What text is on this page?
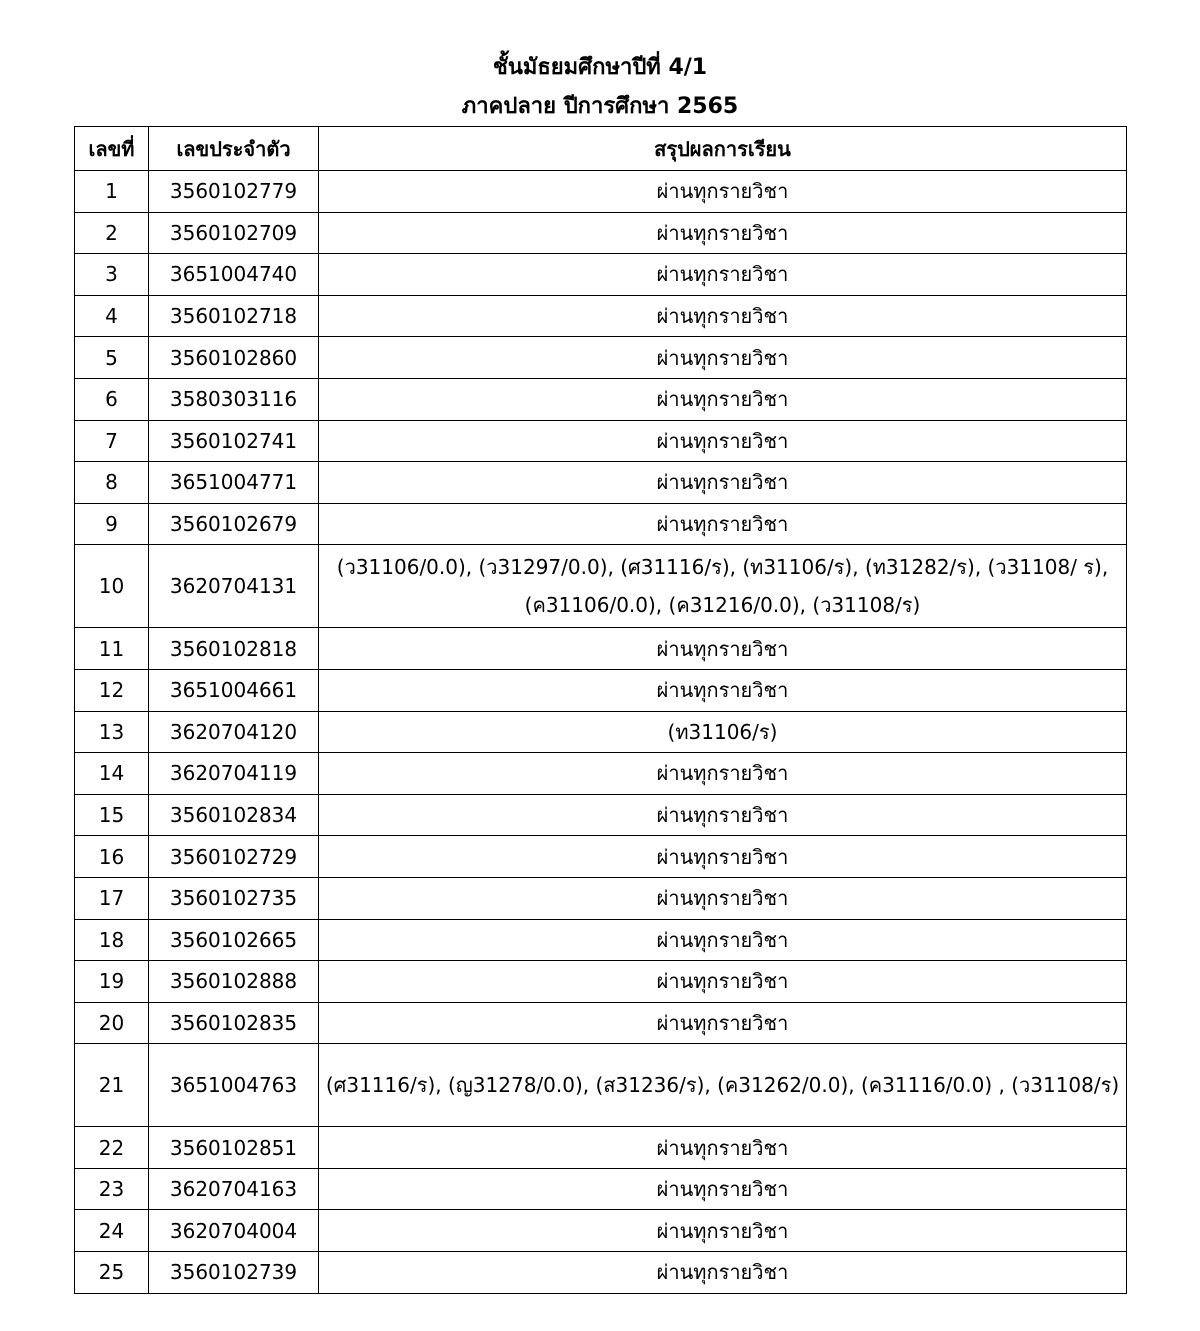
ชั้นมัธยมศึกษาปีที่ 4/1
ภาคปลาย ปีการศึกษา 2565
เลขที่	เลขประจำตัว	สรุปผลการเรียน
1	3560102779	ผ่านทุกรายวิชา
2	3560102709	ผ่านทุกรายวิชา
3	3651004740	ผ่านทุกรายวิชา
4	3560102718	ผ่านทุกรายวิชา
5	3560102860	ผ่านทุกรายวิชา
6	3580303116	ผ่านทุกรายวิชา
7	3560102741	ผ่านทุกรายวิชา
8	3651004771	ผ่านทุกรายวิชา
9	3560102679	ผ่านทุกรายวิชา
10	3620704131	(ว31106/0.0), (ว31297/0.0), (ศ31116/ร), (ท31106/ร), (ท31282/ร), (ว31108/ ร), (ค31106/0.0), (ค31216/0.0), (ว31108/ร)
11	3560102818	ผ่านทุกรายวิชา
12	3651004661	ผ่านทุกรายวิชา
13	3620704120	(ท31106/ร)
14	3620704119	ผ่านทุกรายวิชา
15	3560102834	ผ่านทุกรายวิชา
16	3560102729	ผ่านทุกรายวิชา
17	3560102735	ผ่านทุกรายวิชา
18	3560102665	ผ่านทุกรายวิชา
19	3560102888	ผ่านทุกรายวิชา
20	3560102835	ผ่านทุกรายวิชา
21	3651004763	(ศ31116/ร), (ญ31278/0.0), (ส31236/ร), (ค31262/0.0), (ค31116/0.0) , (ว31108/ร)
22	3560102851	ผ่านทุกรายวิชา
23	3620704163	ผ่านทุกรายวิชา
24	3620704004	ผ่านทุกรายวิชา
25	3560102739	ผ่านทุกรายวิชา
